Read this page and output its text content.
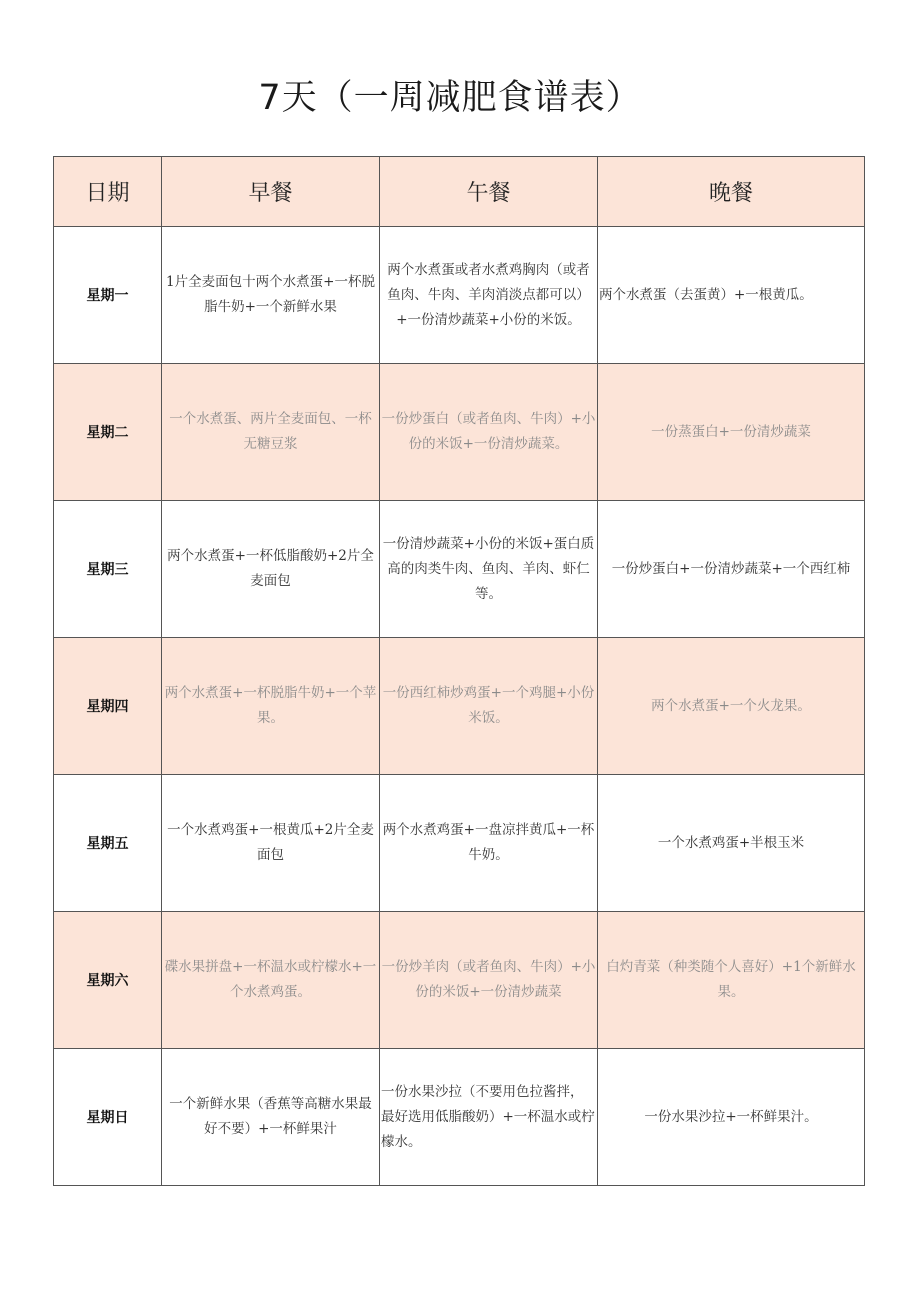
7天（一周减肥食谱表）
日期	早餐	午餐	晚餐
星期一	1片全麦面包十两个水煮蛋+一杯脱脂牛奶+一个新鲜水果	两个水煮蛋或者水煮鸡胸肉（或者鱼肉、牛肉、羊肉消淡点都可以）+一份清炒蔬菜+小份的米饭。	两个水煮蛋（去蛋黄）+一根黄瓜。

星期二	一个水煮蛋、两片全麦面包、一杯无糖豆浆	一份炒蛋白（或者鱼肉、牛肉）+小份的米饭+一份清炒蔬菜。	一份蒸蛋白+一份清炒蔬菜

星期三	两个水煮蛋+一杯低脂酸奶+2片全麦面包	一份清炒蔬菜+小份的米饭+蛋白质高的肉类牛肉、鱼肉、羊肉、虾仁等。	一份炒蛋白+一份清炒蔬菜+一个西红柿

星期四	两个水煮蛋+一杯脱脂牛奶+一个苹果。	一份西红柿炒鸡蛋+一个鸡腿+小份米饭。	两个水煮蛋+一个火龙果。

星期五	一个水煮鸡蛋+一根黄瓜+2片全麦面包	两个水煮鸡蛋+一盘凉拌黄瓜+一杯牛奶。	一个水煮鸡蛋+半根玉米

星期六	碟水果拼盘+一杯温水或柠檬水+一个水煮鸡蛋。	一份炒羊肉（或者鱼肉、牛肉）+小份的米饭+一份清炒蔬菜	白灼青菜（种类随个人喜好）+1个新鲜水果。

星期日	一个新鲜水果（香蕉等高糖水果最好不要）+一杯鲜果汁	一份水果沙拉（不要用色拉酱拌，最好选用低脂酸奶）+一杯温水或柠檬水。	一份水果沙拉+一杯鲜果汁。
